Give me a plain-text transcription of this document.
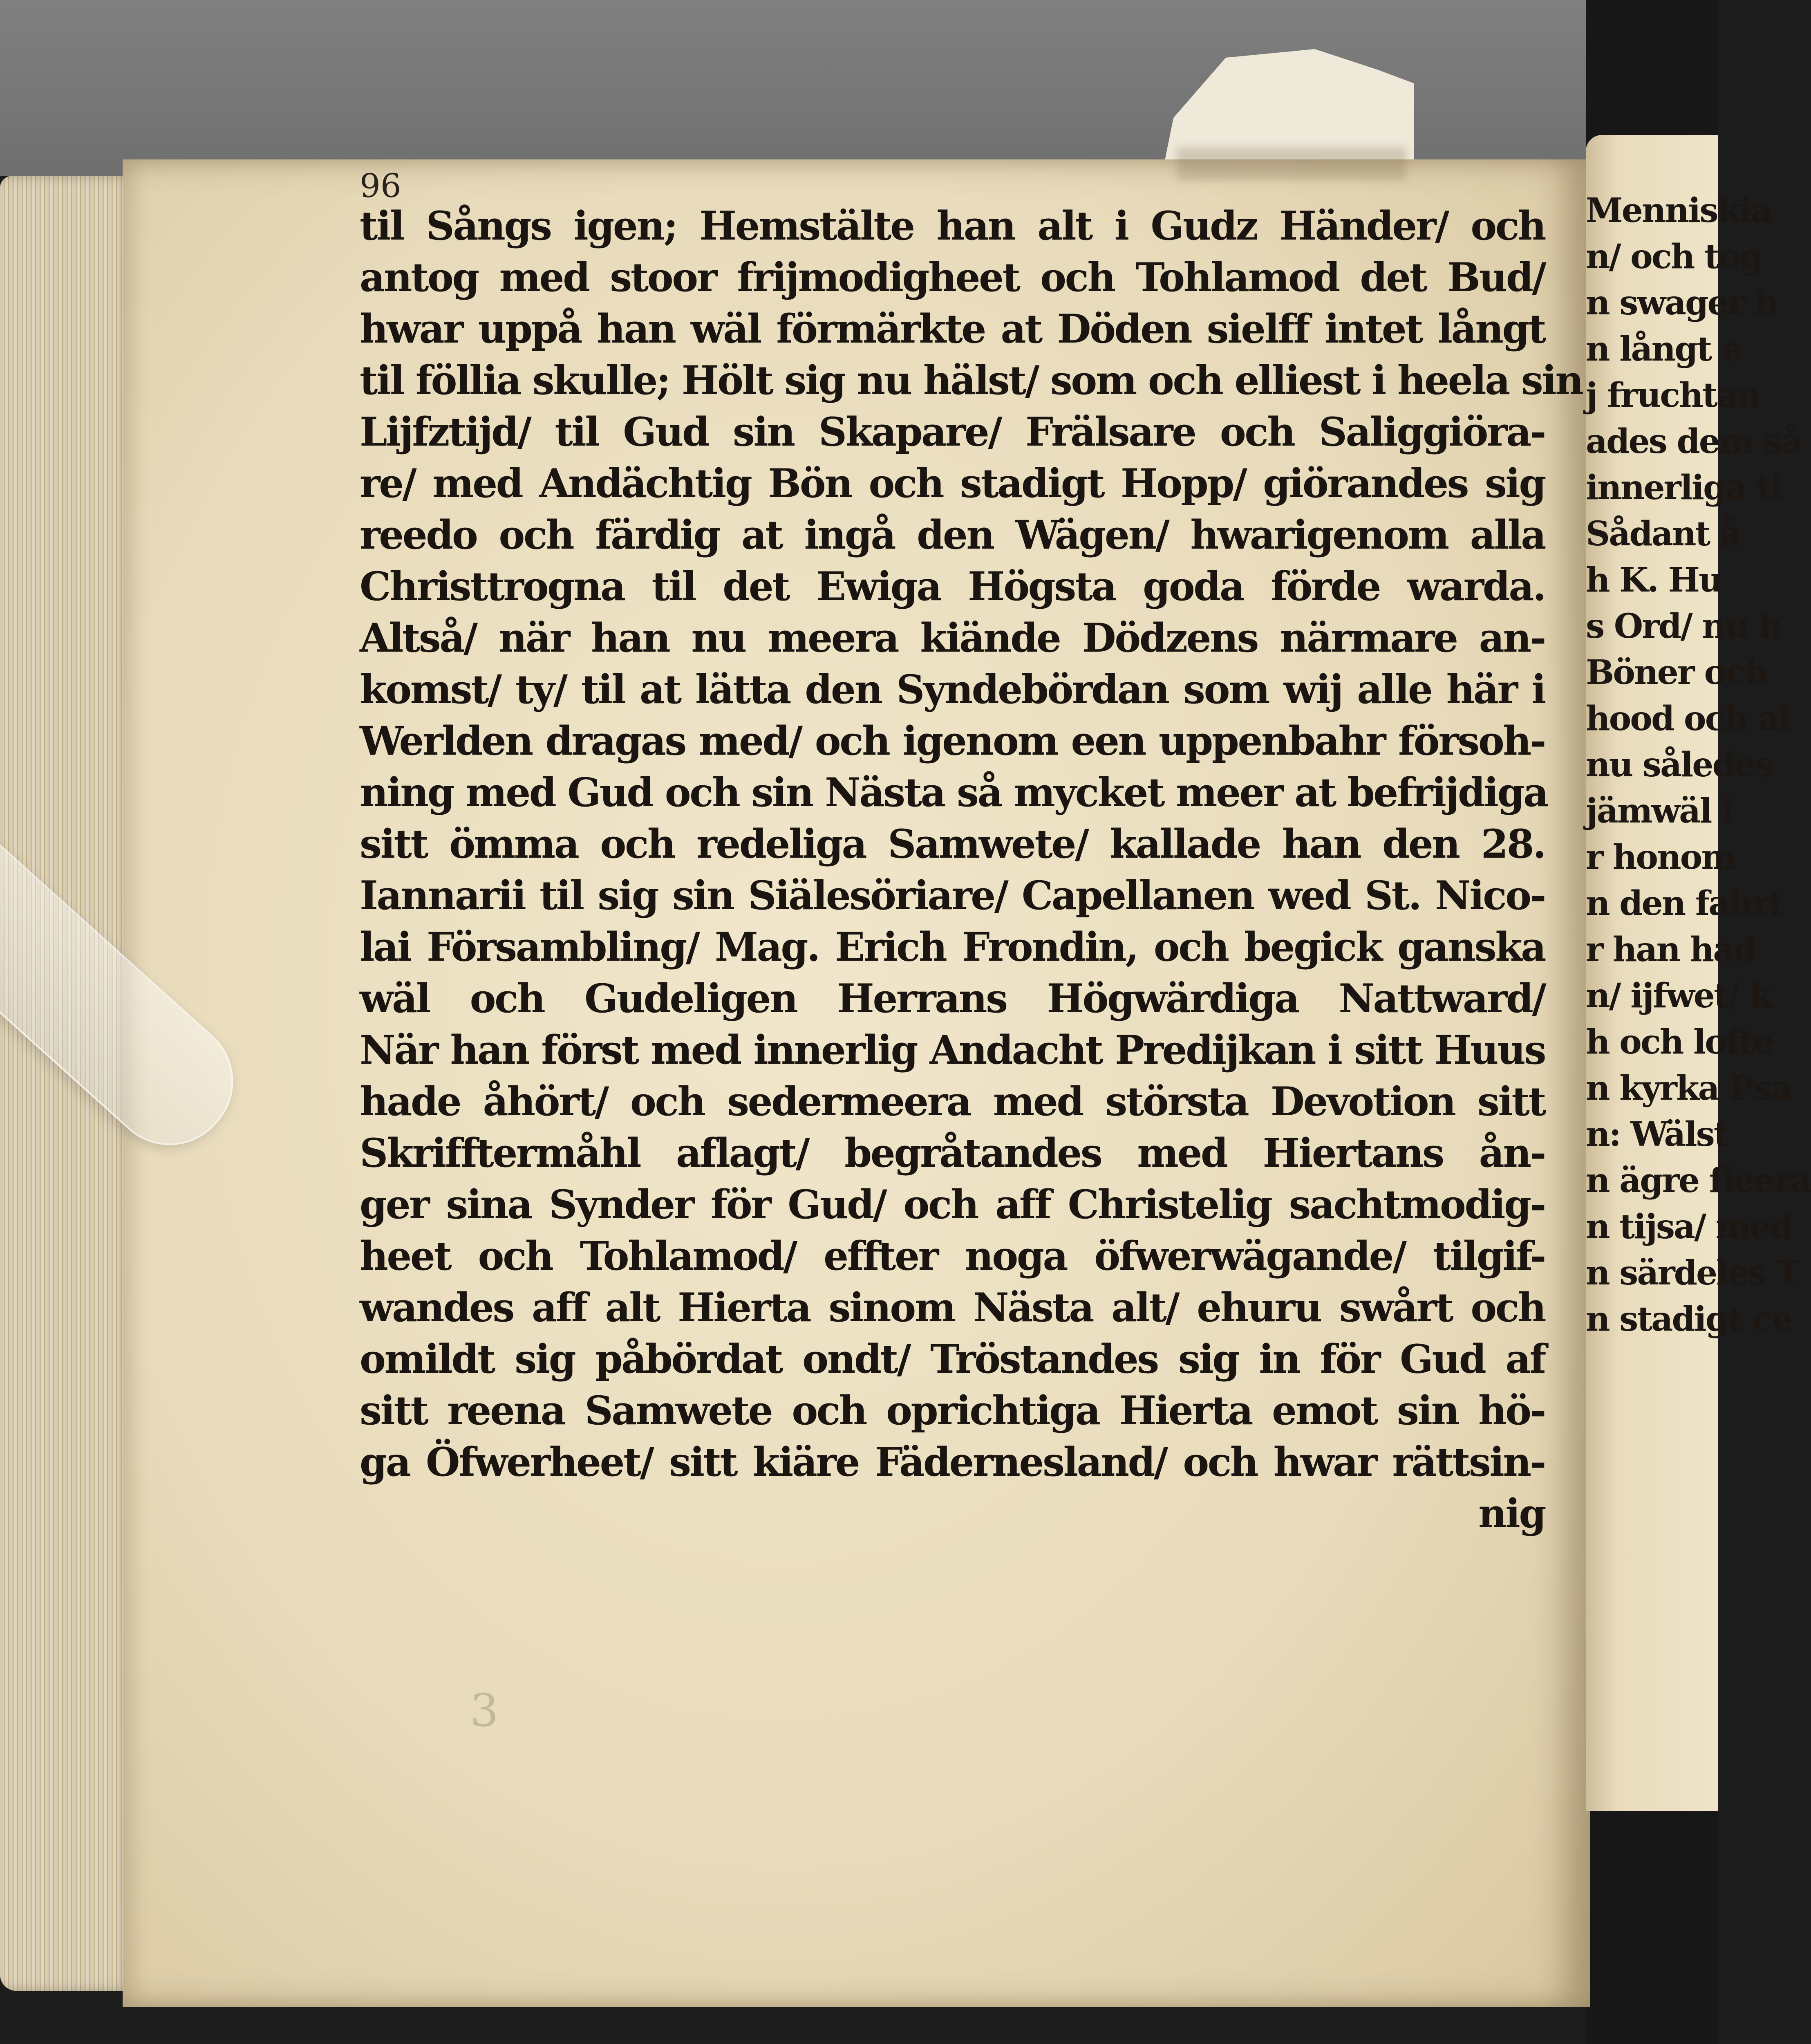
Menniskia
n/ och tog
n swager h
n långt e
j fruchtan
ades dem så
innerliga ti
Sådant å
h K. Hu
s Ord/ nu h
Böner och
hood och al
nu således
jämwäl i
r honom
n den fahrt
r han had
n/ ijfwet/ k
h och lofte
n kyrka Psa
n: Wälst
n ägre fleera
n tijsa/ med
n särdeles T
n stadigt ce
96
til Sångs igen; Hemstälte han alt i Gudz Händer/ och
antog med stoor frijmodigheet och Tohlamod det Bud/
hwar uppå han wäl förmärkte at Döden sielff intet långt
til föllia skulle; Hölt sig nu hälst/ som och elliest i heela sin
Lijfztijd/ til Gud sin Skapare/ Frälsare och Saliggiöra-
re/ med Andächtig Bön och stadigt Hopp/ giörandes sig
reedo och färdig at ingå den Wägen/ hwarigenom alla
Christtrogna til det Ewiga Högsta goda förde warda.
Altså/ när han nu meera kiände Dödzens närmare an-
komst/ ty/ til at lätta den Syndebördan som wij alle här i
Werlden dragas med/ och igenom een uppenbahr försoh-
ning med Gud och sin Nästa så mycket meer at befrijdiga
sitt ömma och redeliga Samwete/ kallade han den 28.
Iannarii til sig sin Siälesöriare/ Capellanen wed St. Nico-
lai Försambling/ Mag. Erich Frondin, och begick ganska
wäl och Gudeligen Herrans Högwärdiga Nattward/
När han först med innerlig Andacht Predijkan i sitt Huus
hade åhört/ och sedermeera med största Devotion sitt
Skrifftermåhl aflagt/ begråtandes med Hiertans ån-
ger sina Synder för Gud/ och aff Christelig sachtmodig-
heet och Tohlamod/ effter noga öfwerwägande/ tilgif-
wandes aff alt Hierta sinom Nästa alt/ ehuru swårt och
omildt sig påbördat ondt/ Tröstandes sig in för Gud af
sitt reena Samwete och oprichtiga Hierta emot sin hö-
ga Öfwerheet/ sitt kiäre Fädernesland/ och hwar rättsin-
nig
3
